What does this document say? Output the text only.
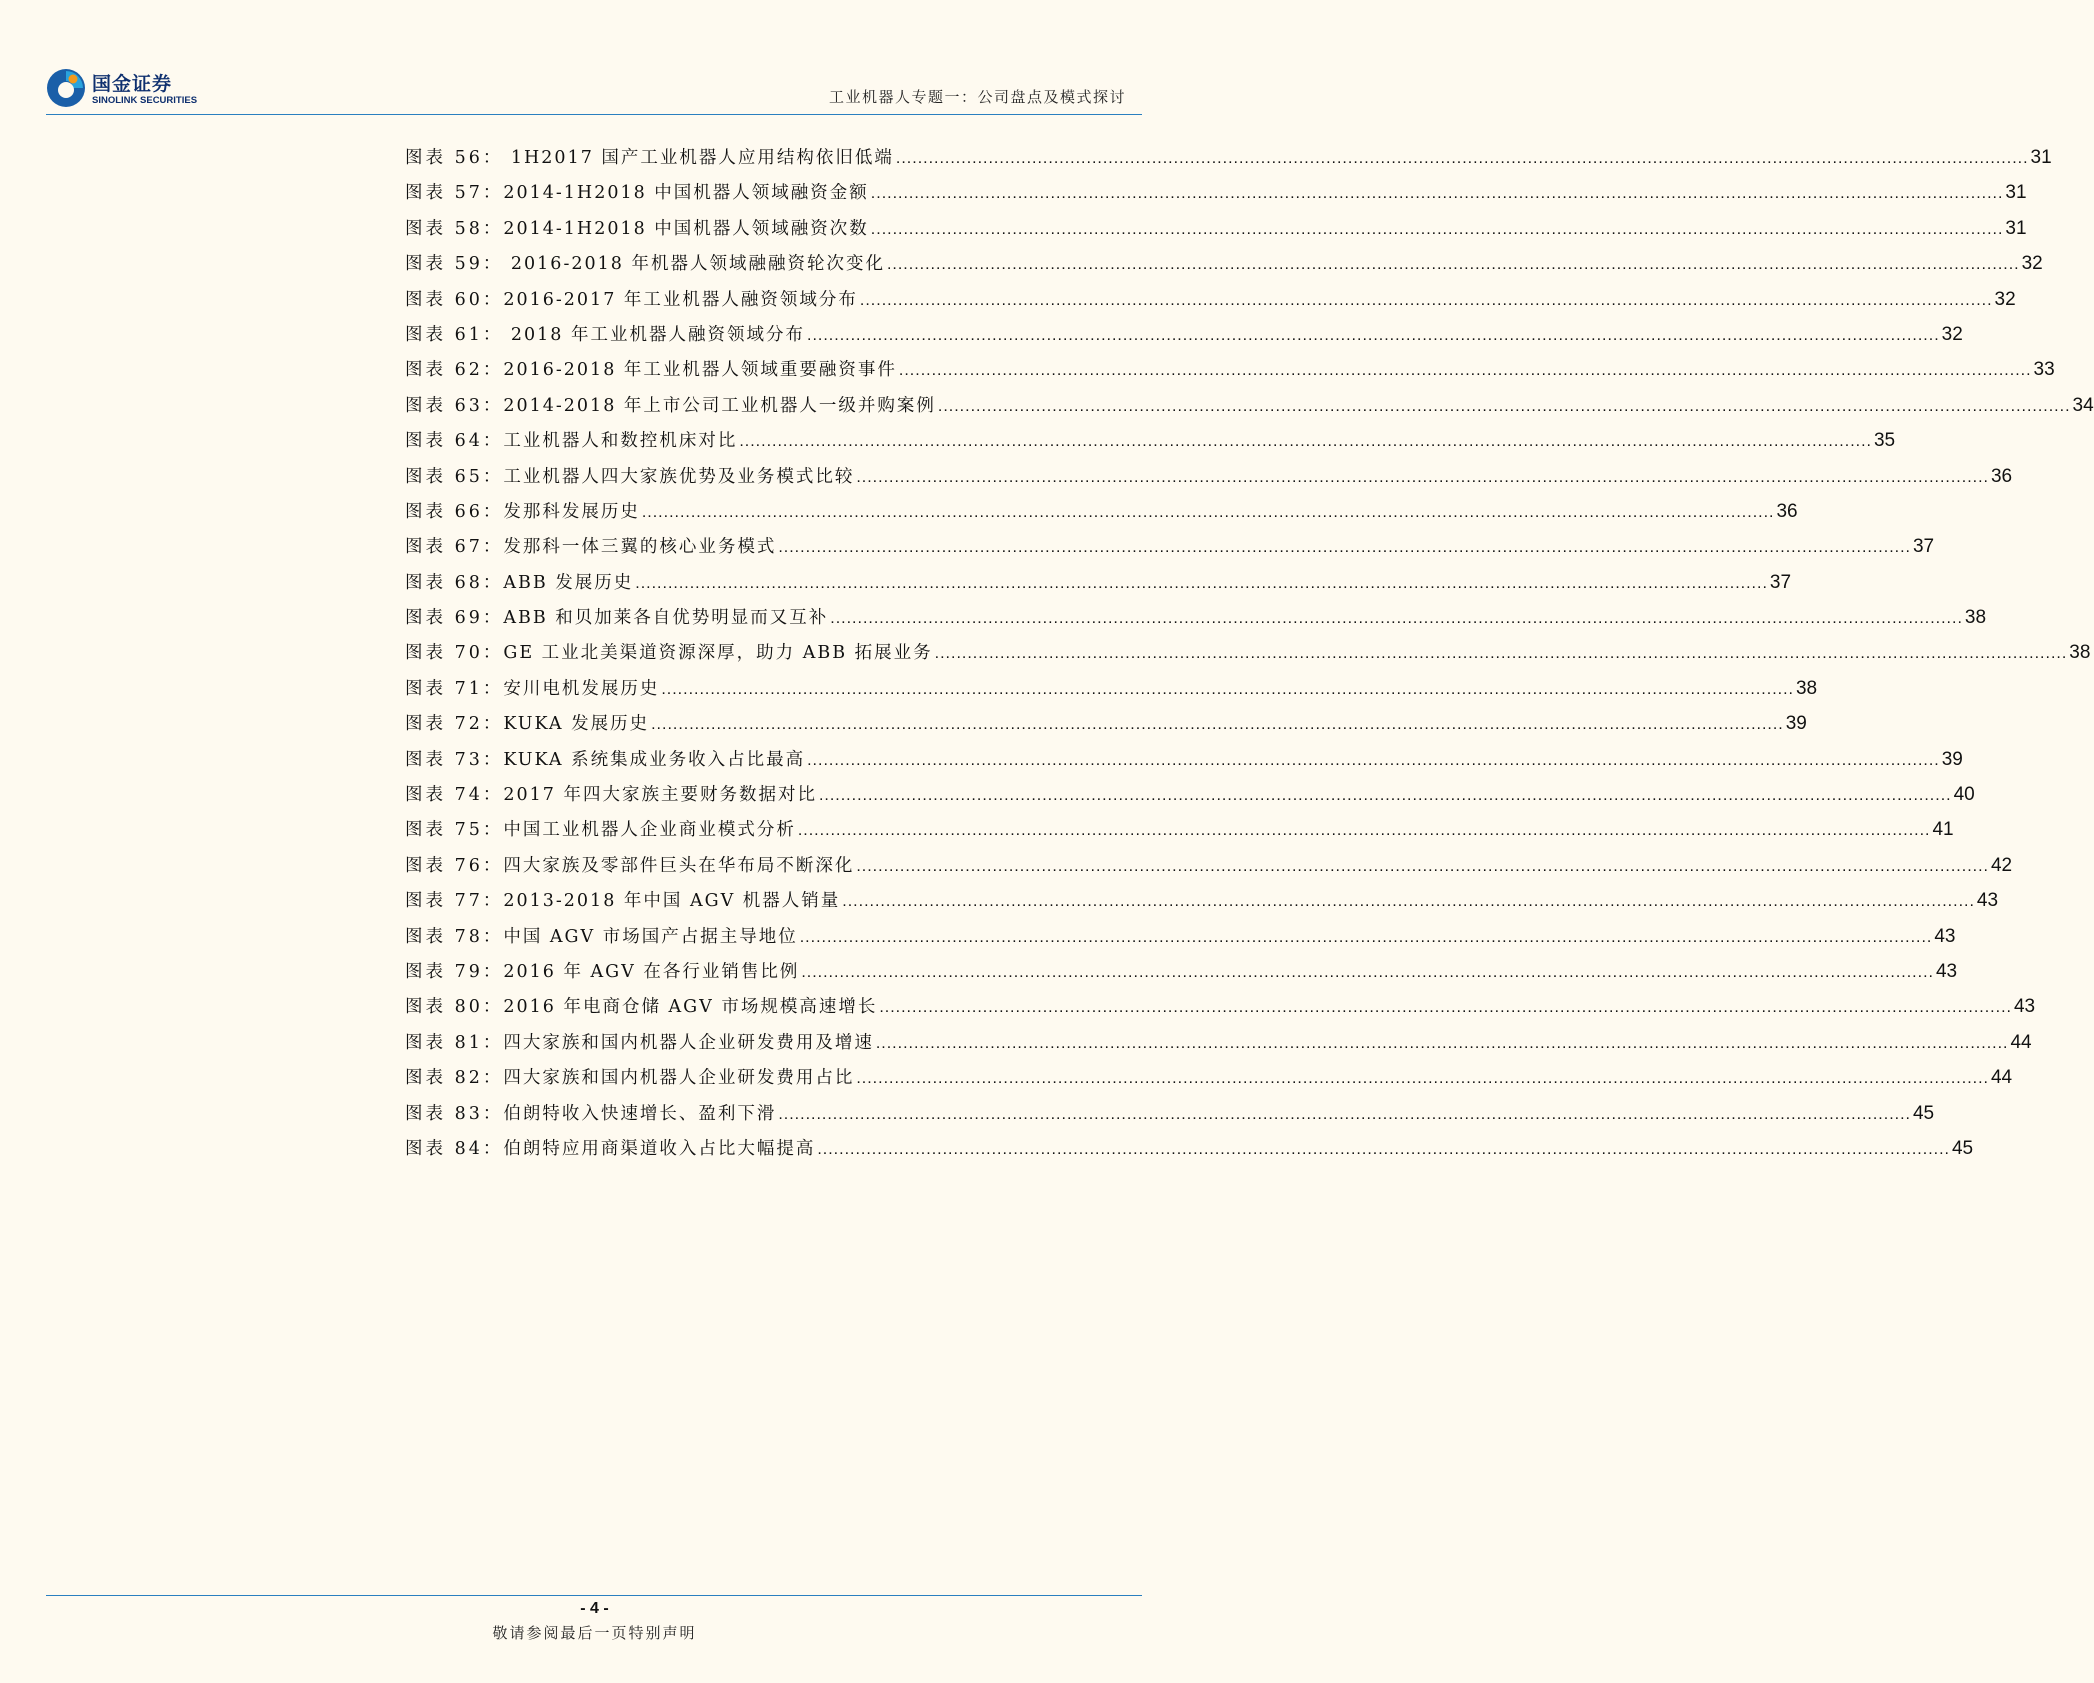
国金证券
SINOLINK SECURITIES	工业机器人专题一：公司盘点及模式探讨
图表 56： 1H2017 国产工业机器人应用结构依旧低端 .....	31
图表 57：2014-1H2018 中国机器人领域融资金额 .....	31
图表 58：2014-1H2018 中国机器人领域融资次数 .....	31
图表 59： 2016-2018 年机器人领域融融资轮次变化 .....	32
图表 60：2016-2017 年工业机器人融资领域分布 .....	32
图表 61： 2018 年工业机器人融资领域分布 .....	32
图表 62：2016-2018 年工业机器人领域重要融资事件 .....	33
图表 63：2014-2018 年上市公司工业机器人一级并购案例 .....	34
图表 64：工业机器人和数控机床对比 .....	35
图表 65：工业机器人四大家族优势及业务模式比较 .....	36
图表 66：发那科发展历史 .....	36
图表 67：发那科一体三翼的核心业务模式 .....	37
图表 68：ABB 发展历史 .....	37
图表 69：ABB 和贝加莱各自优势明显而又互补 .....	38
图表 70：GE 工业北美渠道资源深厚，助力 ABB 拓展业务 .....	38
图表 71：安川电机发展历史 .....	38
图表 72：KUKA 发展历史 .....	39
图表 73：KUKA 系统集成业务收入占比最高 .....	39
图表 74：2017 年四大家族主要财务数据对比 .....	40
图表 75：中国工业机器人企业商业模式分析 .....	41
图表 76：四大家族及零部件巨头在华布局不断深化 .....	42
图表 77：2013-2018 年中国 AGV 机器人销量 .....	43
图表 78：中国 AGV 市场国产占据主导地位 .....	43
图表 79：2016 年 AGV 在各行业销售比例 .....	43
图表 80：2016 年电商仓储 AGV 市场规模高速增长 .....	43
图表 81：四大家族和国内机器人企业研发费用及增速 .....	44
图表 82：四大家族和国内机器人企业研发费用占比 .....	44
图表 83：伯朗特收入快速增长、盈利下滑 .....	45
图表 84：伯朗特应用商渠道收入占比大幅提高 .....	45
- 4 -
敬请参阅最后一页特别声明
